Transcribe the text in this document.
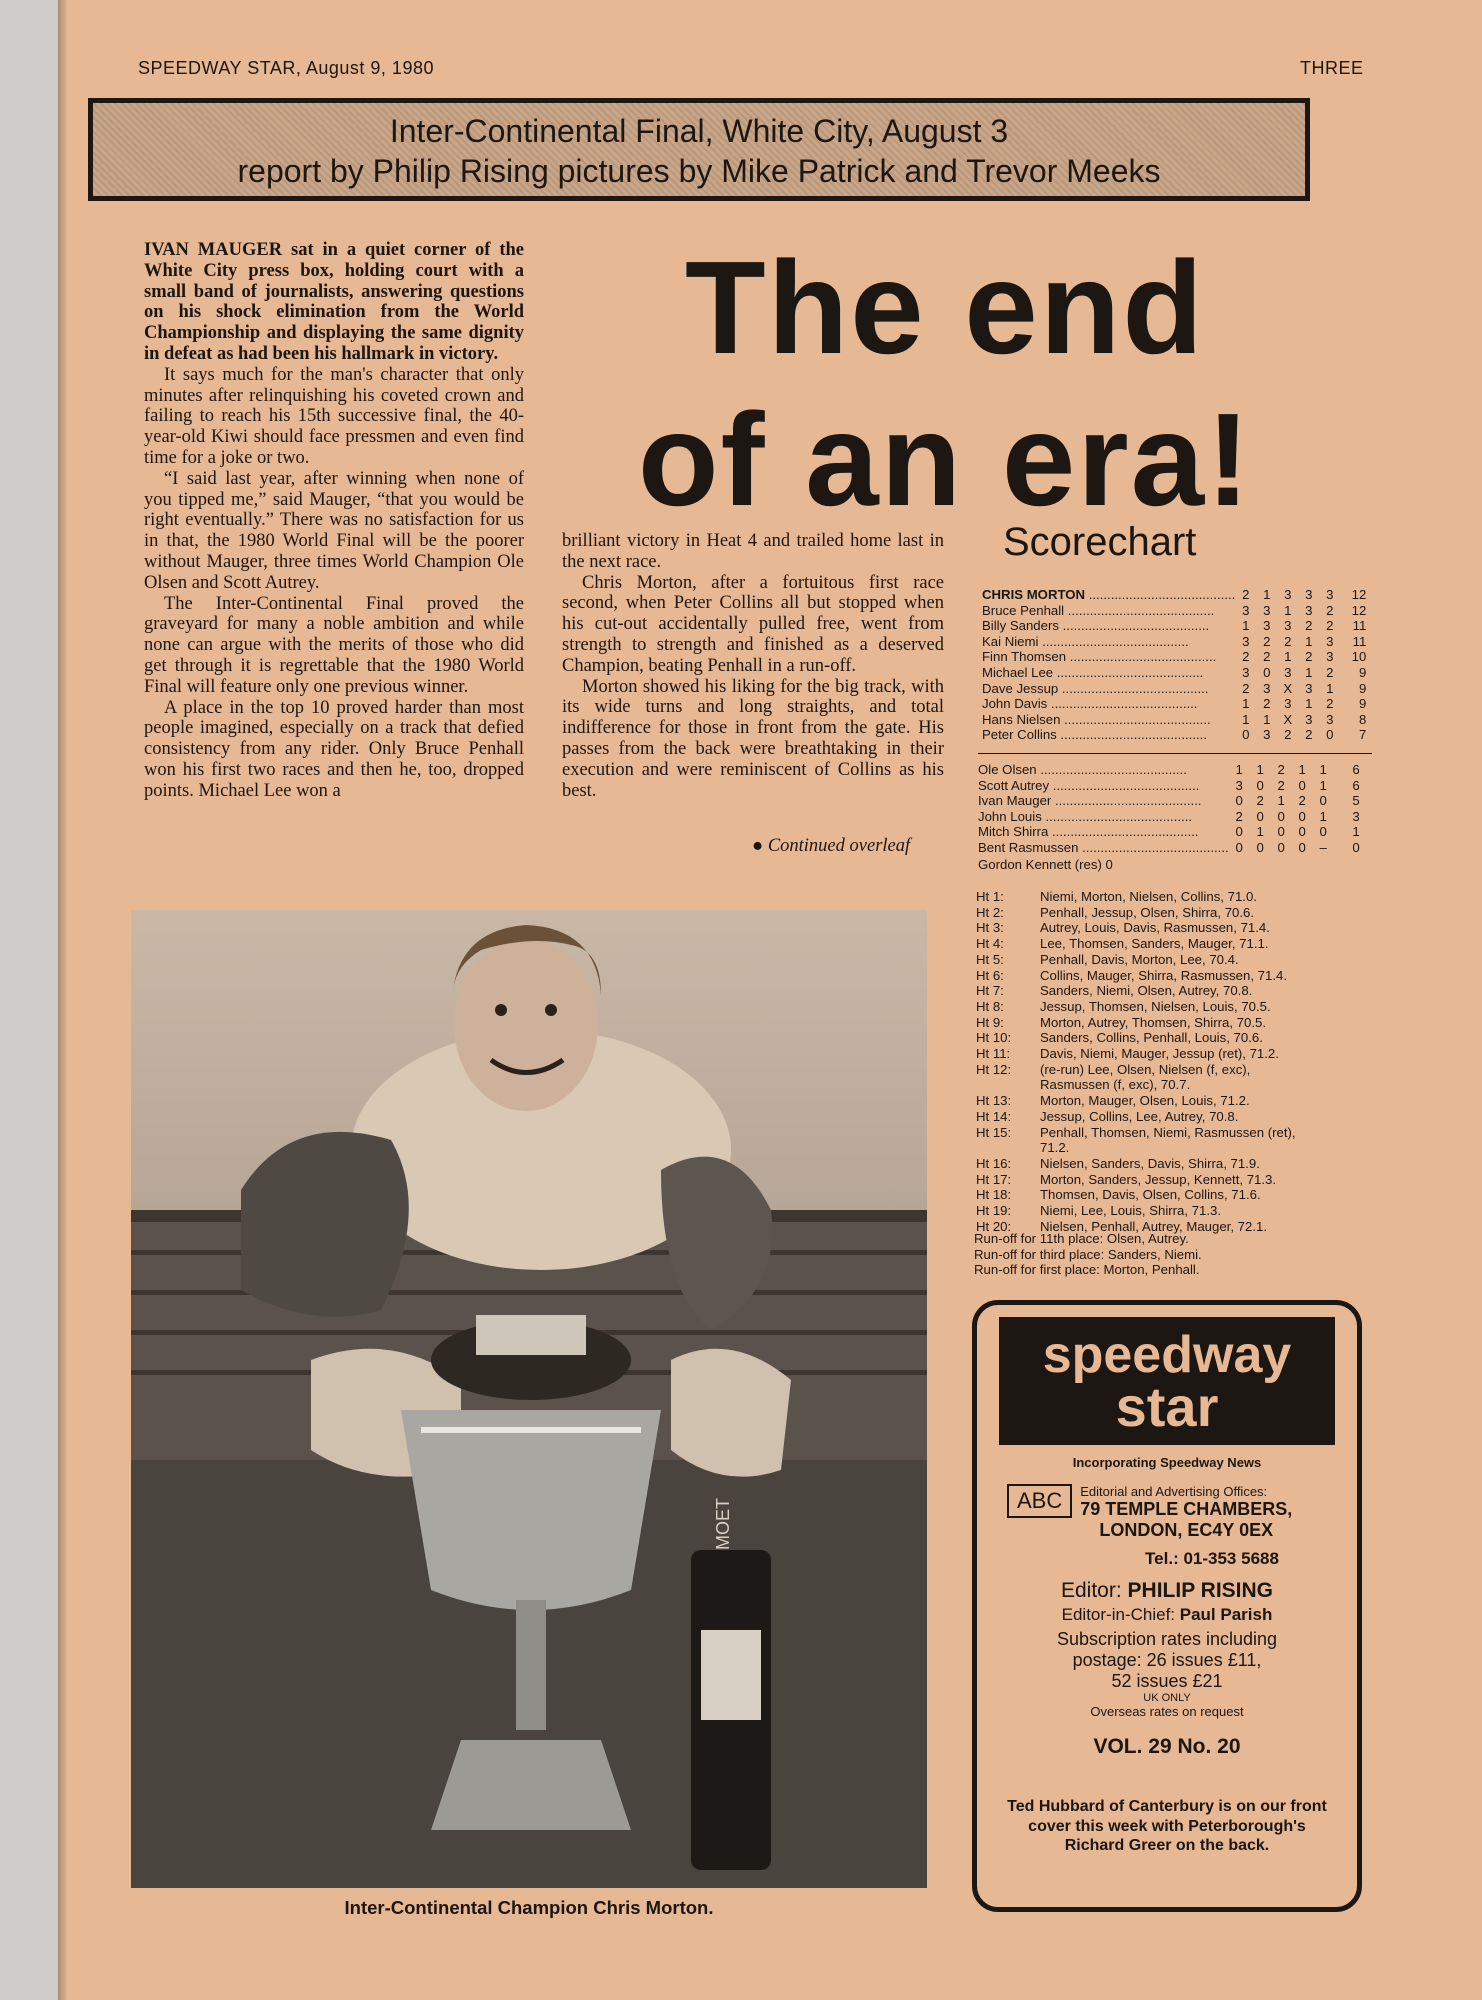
SPEEDWAY STAR, August 9, 1980	THREE
Inter-Continental Final, White City, August 3
report by Philip Rising pictures by Mike Patrick and Trevor Meeks
The end
of an era!

IVAN MAUGER sat in a quiet corner of the White City press box, holding court with a small band of journalists, answering questions on his shock elimination from the World Championship and displaying the same dignity in defeat as had been his hallmark in victory.

It says much for the man's character that only minutes after relinquishing his coveted crown and failing to reach his 15th successive final, the 40-year-old Kiwi should face pressmen and even find time for a joke or two.

“I said last year, after winning when none of you tipped me,” said Mauger, “that you would be right eventually.” There was no satisfaction for us in that, the 1980 World Final will be the poorer without Mauger, three times World Champion Ole Olsen and Scott Autrey.

The Inter-Continental Final proved the graveyard for many a noble ambition and while none can argue with the merits of those who did get through it is regrettable that the 1980 World Final will feature only one previous winner.

A place in the top 10 proved harder than most people imagined, especially on a track that defied consistency from any rider. Only Bruce Penhall won his first two races and then he, too, dropped points. Michael Lee won a

brilliant victory in Heat 4 and trailed home last in the next race.

Chris Morton, after a fortuitous first race second, when Peter Collins all but stopped when his cut-out accidentally pulled free, went from strength to strength and finished as a deserved Champion, beating Penhall in a run-off.

Morton showed his liking for the big track, with its wide turns and long straights, and total indifference for those in front from the gate. His passes from the back were breathtaking in their execution and were reminiscent of Collins as his best.

● Continued overleaf
Scorechart
CHRIS MORTON .....	2	1	3	3	3	12
Bruce Penhall .....	3	3	1	3	2	12
Billy Sanders .....	1	3	3	2	2	11
Kai Niemi .....	3	2	2	1	3	11
Finn Thomsen .....	2	2	1	2	3	10
Michael Lee .....	3	0	3	1	2	9
Dave Jessup .....	2	3	X	3	1	9
John Davis .....	1	2	3	1	2	9
Hans Nielsen .....	1	1	X	3	3	8
Peter Collins .....	0	3	2	2	0	7
Ole Olsen .....	1	1	2	1	1	6
Scott Autrey .....	3	0	2	0	1	6
Ivan Mauger .....	0	2	1	2	0	5
John Louis .....	2	0	0	0	1	3
Mitch Shirra .....	0	1	0	0	0	1
Bent Rasmussen .....	0	0	0	0	–	0
Gordon Kennett (res) 0
Ht 1:	Niemi, Morton, Nielsen, Collins, 71.0.
Ht 2:	Penhall, Jessup, Olsen, Shirra, 70.6.
Ht 3:	Autrey, Louis, Davis, Rasmussen, 71.4.
Ht 4:	Lee, Thomsen, Sanders, Mauger, 71.1.
Ht 5:	Penhall, Davis, Morton, Lee, 70.4.
Ht 6:	Collins, Mauger, Shirra, Rasmussen, 71.4.
Ht 7:	Sanders, Niemi, Olsen, Autrey, 70.8.
Ht 8:	Jessup, Thomsen, Nielsen, Louis, 70.5.
Ht 9:	Morton, Autrey, Thomsen, Shirra, 70.5.
Ht 10:	Sanders, Collins, Penhall, Louis, 70.6.
Ht 11:	Davis, Niemi, Mauger, Jessup (ret), 71.2.
Ht 12:	(re-run) Lee, Olsen, Nielsen (f, exc),
Rasmussen (f, exc), 70.7.
Ht 13:	Morton, Mauger, Olsen, Louis, 71.2.
Ht 14:	Jessup, Collins, Lee, Autrey, 70.8.
Ht 15:	Penhall, Thomsen, Niemi, Rasmussen (ret),
71.2.
Ht 16:	Nielsen, Sanders, Davis, Shirra, 71.9.
Ht 17:	Morton, Sanders, Jessup, Kennett, 71.3.
Ht 18:	Thomsen, Davis, Olsen, Collins, 71.6.
Ht 19:	Niemi, Lee, Louis, Shirra, 71.3.
Ht 20:	Nielsen, Penhall, Autrey, Mauger, 72.1.
Run-off for 11th place: Olsen, Autrey.
Run-off for third place: Sanders, Niemi.
Run-off for first place: Morton, Penhall.
MOET
Inter-Continental Champion Chris Morton.
speedway
star
Incorporating Speedway News
ABC	Editorial and Advertising Offices:
79 TEMPLE CHAMBERS,
LONDON, EC4Y 0EX
Tel.: 01-353 5688
Editor: PHILIP RISING
Editor-in-Chief: Paul Parish
Subscription rates including
postage: 26 issues £11,
52 issues £21
UK ONLY
Overseas rates on request
VOL. 29 No. 20
Ted Hubbard of Canterbury is on our front cover this week with Peterborough's Richard Greer on the back.
